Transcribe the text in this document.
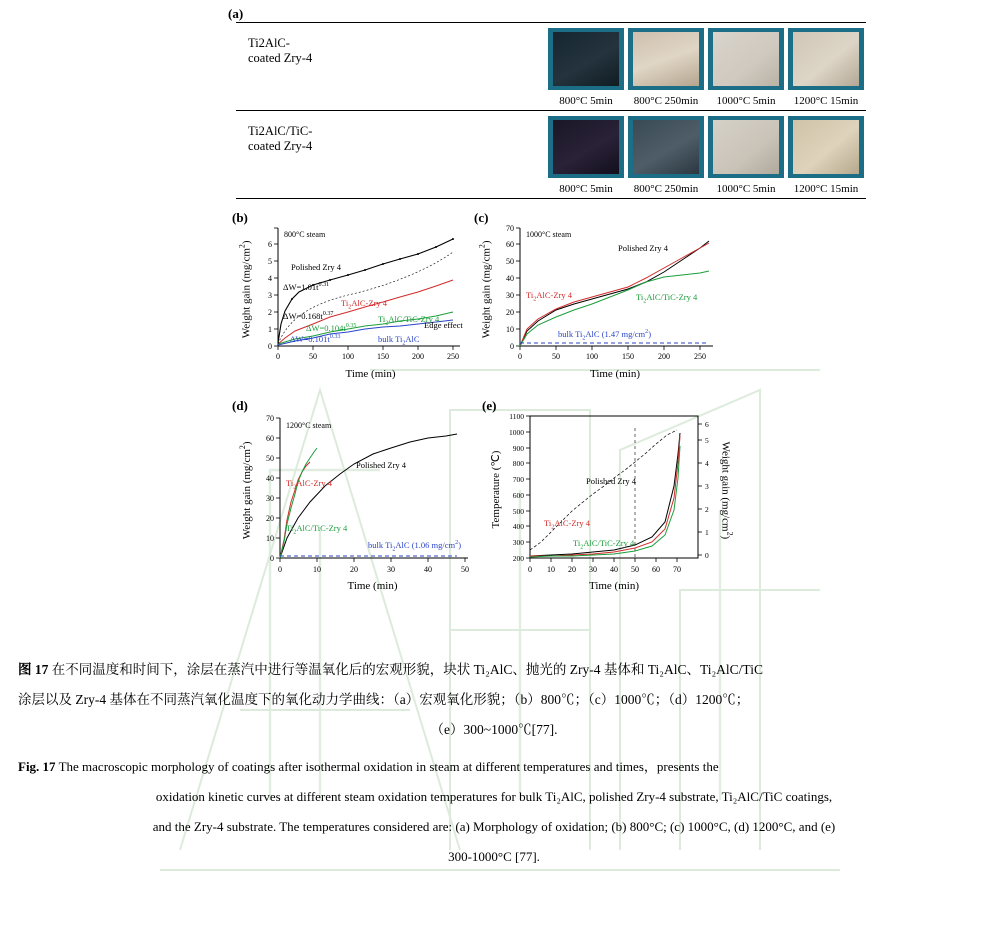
(a)
Ti2AlC-
coated Zry-4
800°C 5min	800°C 250min	1000°C 5min	1200°C 15min
Ti2AlC/TiC-
coated Zry-4
800°C 5min	800°C 250min	1000°C 5min	1200°C 15min
(b)
0
1
2
3
4
5
6
0	50	100	150	200	250
800°C steam
Polished Zry 4
$\Delta W=1.01t^{0.31}$
$Ti_2AlC$-Zry 4
$\Delta W=0.168t^{0.37}$	$Ti_2AlC/TiC$-Zry 4
$\Delta W=0.104t^{0.35}$
$\Delta W=0.101t^{0.33}$	bulk $Ti_2AlC$
Edge effect
Time (min)
Weight gain $(mg/cm^2)$
(c)
0
10
20
30
40
50
60
70
0	50	100	150	200	250
1000°C steam
Polished Zry 4
$Ti_2AlC$-Zry 4	$Ti_2AlC/TiC$-Zry 4
bulk $Ti_2AlC$ (1.47 $mg/cm^2$)
Time (min)
Weight gain $(mg/cm^2)$
(d)
0
10
20
30
40
50
60
70
0	10	20	30	40	50
1200°C steam
Polished Zry 4
$Ti_2AlC$-Zry 4
$Ti_2AlC/TiC$-Zry 4
bulk $Ti_2AlC$ (1.06 $mg/cm^2$)
Time (min)
Weight gain $(mg/cm^2)$
(e)
200
300
400
500
600
700
800
900
1000
1100
0
1
2
3
4
5
6
0 10 20 30 40 50 60 70
Polished Zry 4
$Ti_2AlC$-Zry 4
$Ti_2AlC/TiC$-Zry 4
Time (min)
Temperature (℃)	Weight gain $(mg/cm^2)$
图 17 在不同温度和时间下，涂层在蒸汽中进行等温氧化后的宏观形貌，块状 Ti₂AlC、抛光的 Zry-4 基体和 Ti₂AlC、Ti₂AlC/TiC
涂层以及 Zry-4 基体在不同蒸汽氧化温度下的氧化动力学曲线：（a）宏观氧化形貌；（b）800℃；（c）1000℃；（d）1200℃；
（e）300~1000℃[77].
Fig. 17 The macroscopic morphology of coatings after isothermal oxidation in steam at different temperatures and times，presents the
oxidation kinetic curves at different steam oxidation temperatures for bulk Ti₂AlC, polished Zry-4 substrate, Ti₂AlC/TiC coatings,
and the Zry-4 substrate. The temperatures considered are: (a) Morphology of oxidation; (b) 800°C; (c) 1000°C, (d) 1200°C, and (e)
300-1000°C [77].
